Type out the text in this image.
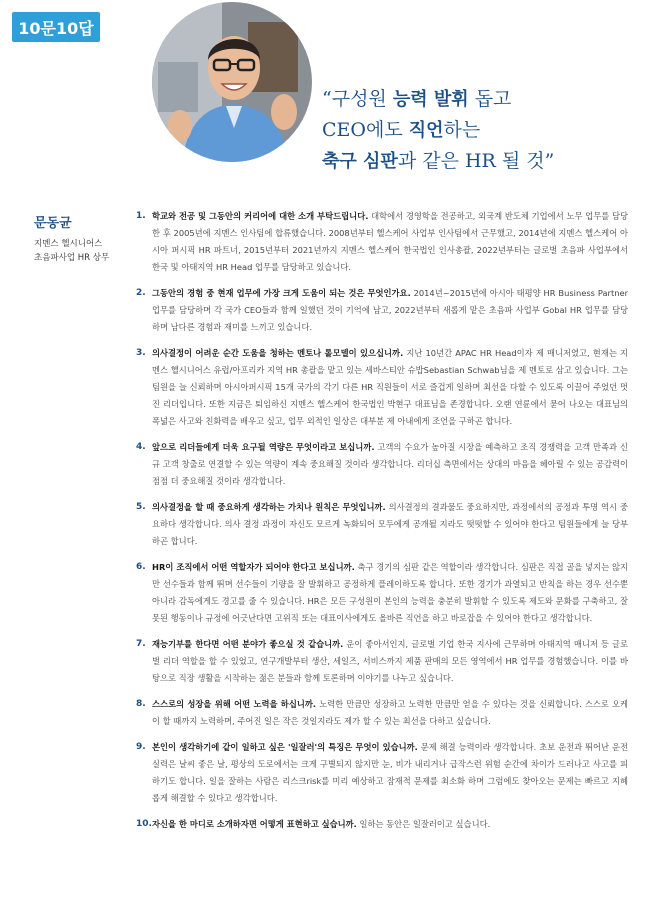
10문10답
“구성원 능력 발휘 돕고
CEO에도 직언하는
축구 심판과 같은 HR 될 것”
문동균
지멘스 헬시니어스
초음파사업 HR 상무
1. 학교와 전공 및 그동안의 커리어에 대한 소개 부탁드립니다. 대학에서 경영학을 전공하고, 외국계 반도체 기업에서 노무 업무를 담당한 후 2005년에 지멘스 인사팀에 합류했습니다. 2008년부터 헬스케어 사업부 인사팀에서 근무했고, 2014년에 지멘스 헬스케어 아시아 퍼시픽 HR 파트너, 2015년부터 2021년까지 지멘스 헬스케어 한국법인 인사총괄, 2022년부터는 글로벌 초음파 사업부에서 한국 및 아태지역 HR Head 업무를 담당하고 있습니다.
2. 그동안의 경험 중 현재 업무에 가장 크게 도움이 되는 것은 무엇인가요. 2014년~2015년에 아시아 태평양 HR Business Partner 업무를 담당하며 각 국가 CEO들과 함께 일했던 것이 기억에 남고, 2022년부터 새롭게 맡은 초음파 사업부 Gobal HR 업무를 담당하며 남다른 경험과 재미를 느끼고 있습니다.
3. 의사결정이 어려운 순간 도움을 청하는 멘토나 롤모델이 있으십니까. 지난 10년간 APAC HR Head이자 제 매니저였고, 현재는 지멘스 헬시니어스 유럽/아프리카 지역 HR 총괄을 맡고 있는 세바스티안 슈밥Sebastian Schwab님을 제 멘토로 삼고 있습니다. 그는 팀원을 늘 신뢰하며 아시아퍼시픽 15개 국가의 각기 다른 HR 직원들이 서로 즐겁게 일하며 최선을 다할 수 있도록 이끌어 주었던 멋진 리더입니다. 또한 지금은 퇴임하신 지멘스 헬스케어 한국법인 박현구 대표님을 존경합니다. 오랜 연륜에서 묻어 나오는 대표님의 폭넓은 사고와 친화력을 배우고 싶고, 업무 외적인 일상은 대부분 제 아내에게 조언을 구하곤 합니다.
4. 앞으로 리더들에게 더욱 요구될 역량은 무엇이라고 보십니까. 고객의 수요가 높아질 시장을 예측하고 조직 경쟁력을 고객 만족과 신규 고객 창출로 연결할 수 있는 역량이 계속 중요해질 것이라 생각합니다. 리더십 측면에서는 상대의 마음을 헤아릴 수 있는 공감력이 점점 더 중요해질 것이라 생각합니다.
5. 의사결정을 할 때 중요하게 생각하는 가치나 원칙은 무엇입니까. 의사결정의 결과물도 중요하지만, 과정에서의 공정과 투명 역시 중요하다 생각합니다. 의사 결정 과정이 자신도 모르게 녹화되어 모두에게 공개될 지라도 떳떳할 수 있어야 한다고 팀원들에게 늘 당부하곤 합니다.
6. HR이 조직에서 어떤 역할자가 되어야 한다고 보십니까. 축구 경기의 심판 같은 역할이라 생각합니다. 심판은 직접 골을 넣지는 않지만 선수들과 함께 뛰며 선수들이 기량을 잘 발휘하고 공정하게 플레이하도록 합니다. 또한 경기가 과열되고 반칙을 하는 경우 선수뿐 아니라 감독에게도 경고를 줄 수 있습니다. HR은 모든 구성원이 본인의 능력을 충분히 발휘할 수 있도록 제도와 문화를 구축하고, 잘못된 행동이나 규정에 어긋난다면 고위직 또는 대표이사에게도 올바른 직언을 하고 바로잡을 수 있어야 한다고 생각합니다.
7. 재능기부를 한다면 어떤 분야가 좋으실 것 같습니까. 운이 좋아서인지, 글로벌 기업 한국 지사에 근무하며 아태지역 매니저 등 글로벌 리더 역할을 할 수 있었고, 연구개발부터 생산, 세일즈, 서비스까지 제품 판매의 모든 영역에서 HR 업무를 경험했습니다. 이를 바탕으로 직장 생활을 시작하는 젊은 분들과 함께 토론하며 이야기를 나누고 싶습니다.
8. 스스로의 성장을 위해 어떤 노력을 하십니까. 노력한 만큼만 성장하고 노력한 만큼만 얻을 수 있다는 것을 신뢰합니다. 스스로 오케이 할 때까지 노력하며, 주어진 일은 작은 것일지라도 제가 할 수 있는 최선을 다하고 싶습니다.
9. 본인이 생각하기에 같이 일하고 싶은 '일잘러'의 특징은 무엇이 있습니까. 문제 해결 능력이라 생각합니다. 초보 운전과 뛰어난 운전 실력은 날씨 좋은 날, 평상의 도로에서는 크게 구별되지 않지만 눈, 비가 내리거나 급작스런 위험 순간에 차이가 드러나고 사고를 피하기도 합니다. 일을 잘하는 사람은 리스크risk를 미리 예상하고 잠재적 문제를 최소화 하며 그럼에도 찾아오는 문제는 빠르고 지혜롭게 해결할 수 있다고 생각합니다.
10. 자신을 한 마디로 소개하자면 어떻게 표현하고 싶습니까. 일하는 동안은 일잘러이고 싶습니다.
